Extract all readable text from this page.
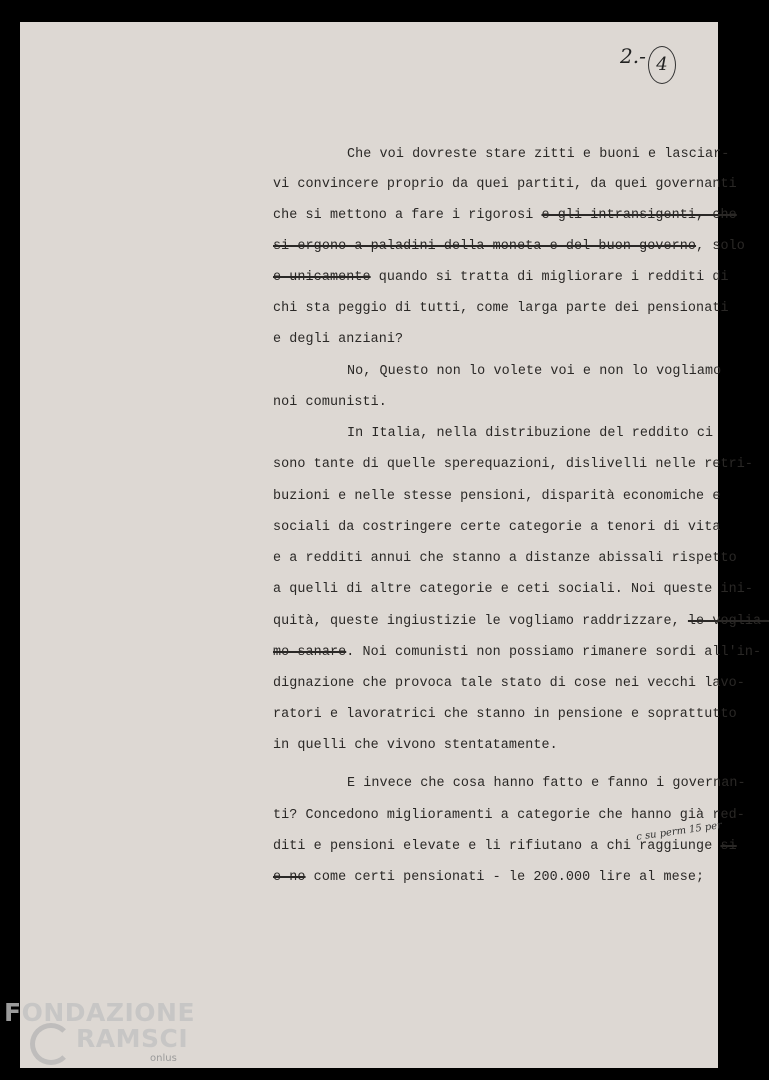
2.- 4
Che voi dovreste stare zitti e buoni e lasciar-
vi convincere proprio da quei partiti, da quei governanti
che si mettono a fare i rigorosi e gli intransigenti, che
si ergono a paladini della moneta e del buon governo, solo
e unicamente quando si tratta di migliorare i redditi di
chi sta peggio di tutti, come larga parte dei pensionati
e degli anziani?
No, Questo non lo volete voi e non lo vogliamo
noi comunisti.
In Italia, nella distribuzione del reddito ci
sono tante di quelle sperequazioni, dislivelli nelle retri-
buzioni e nelle stesse pensioni, disparità economiche e
sociali da costringere certe categorie a tenori di vita
e a redditi annui che stanno a distanze abissali rispetto
a quelli di altre categorie e ceti sociali. Noi queste ini-
quità, queste ingiustizie le vogliamo raddrizzare, le voglia-
mo sanare. Noi comunisti non possiamo rimanere sordi all'in-
dignazione che provoca tale stato di cose nei vecchi lavo-
ratori e lavoratrici che stanno in pensione e soprattutto
in quelli che vivono stentatamente.
E invece che cosa hanno fatto e fanno i governan-
ti? Concedono miglioramenti a categorie che hanno già red-
diti e pensioni elevate e li rifiutano a chi raggiunge si
e no come certi pensionati - le 200.000 lire al mese;
c su perm 15 per
FONDAZIONE
RAMSCI
onlus
